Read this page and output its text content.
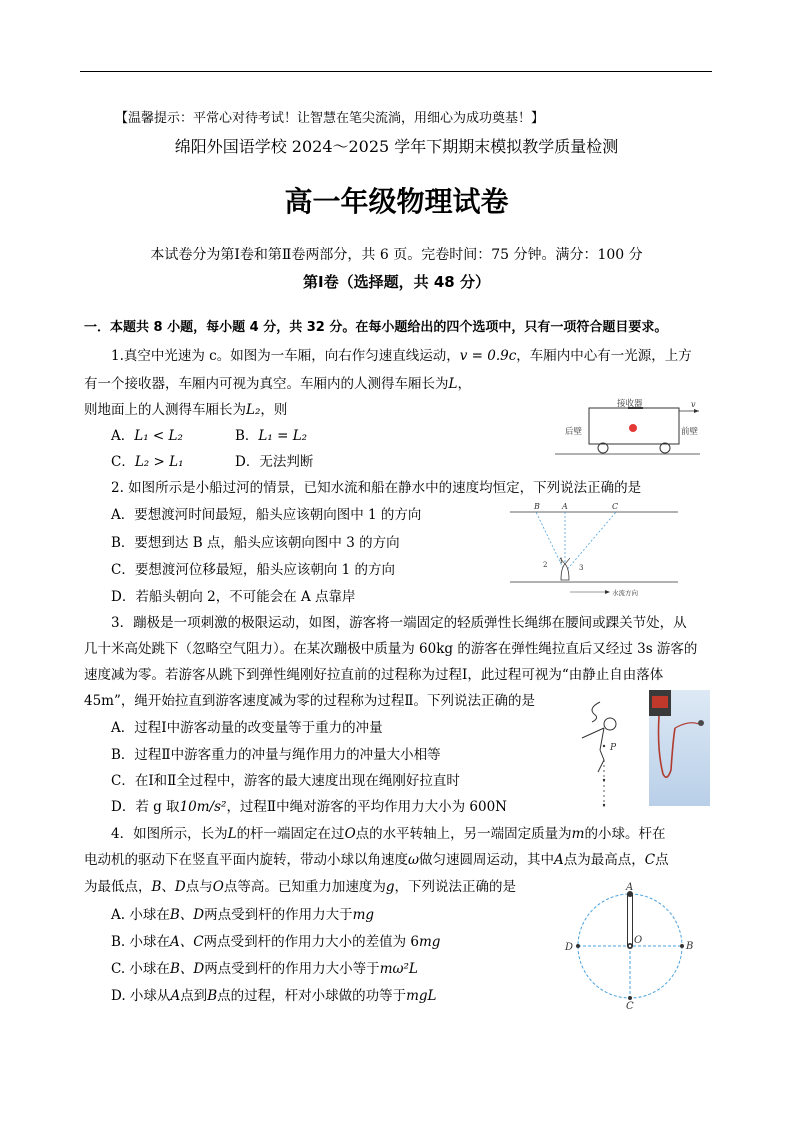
【温馨提示：平常心对待考试！让智慧在笔尖流淌，用细心为成功奠基！】
绵阳外国语学校 2024～2025 学年下期期末模拟教学质量检测
高一年级物理试卷
本试卷分为第Ⅰ卷和第Ⅱ卷两部分，共 6 页。完卷时间：75 分钟。满分：100 分
第Ⅰ卷（选择题，共 48 分）
一．本题共 8 小题，每小题 4 分，共 32 分。在每小题给出的四个选项中，只有一项符合题目要求。
1.真空中光速为 c。如图为一车厢，向右作匀速直线运动，v = 0.9c，车厢内中心有一光源，上方
有一个接收器，车厢内可视为真空。车厢内的人测得车厢长为L，
则地面上的人测得车厢长为L₂，则
A．L₁ < L₂	B．L₁ = L₂
C．L₂ > L₁	D．无法判断
接收器
后壁	前壁
v
2. 如图所示是小船过河的情景，已知水流和船在静水中的速度均恒定，下列说法正确的是
A．要想渡河时间最短，船头应该朝向图中 1 的方向
B．要想到达 B 点，船头应该朝向图中 3 的方向
C．要想渡河位移最短，船头应该朝向 1 的方向
D．若船头朝向 2，不可能会在 A 点靠岸
B	A	C
1
2	3
水流方向
3．蹦极是一项刺激的极限运动，如图，游客将一端固定的轻质弹性长绳绑在腰间或踝关节处，从
几十米高处跳下（忽略空气阻力）。在某次蹦极中质量为 60kg 的游客在弹性绳拉直后又经过 3s 游客的
速度减为零。若游客从跳下到弹性绳刚好拉直前的过程称为过程Ⅰ，此过程可视为“由静止自由落体
45m”，绳开始拉直到游客速度减为零的过程称为过程Ⅱ。下列说法正确的是
A．过程Ⅰ中游客动量的改变量等于重力的冲量
B．过程Ⅱ中游客重力的冲量与绳作用力的冲量大小相等
C．在Ⅰ和Ⅱ全过程中，游客的最大速度出现在绳刚好拉直时
D．若 g 取10m/s²，过程Ⅱ中绳对游客的平均作用力大小为 600N
P
4．如图所示，长为L的杆一端固定在过O点的水平转轴上，另一端固定质量为m的小球。杆在
电动机的驱动下在竖直平面内旋转，带动小球以角速度ω做匀速圆周运动，其中A点为最高点，C点
为最低点，B、D点与O点等高。已知重力加速度为g，下列说法正确的是
A. 小球在B、D两点受到杆的作用力大于mg
B. 小球在A、C两点受到杆的作用力大小的差值为 6mg
C. 小球在B、D两点受到杆的作用力大小等于mω²L
D. 小球从A点到B点的过程，杆对小球做的功等于mgL
A
B
C
D
O
